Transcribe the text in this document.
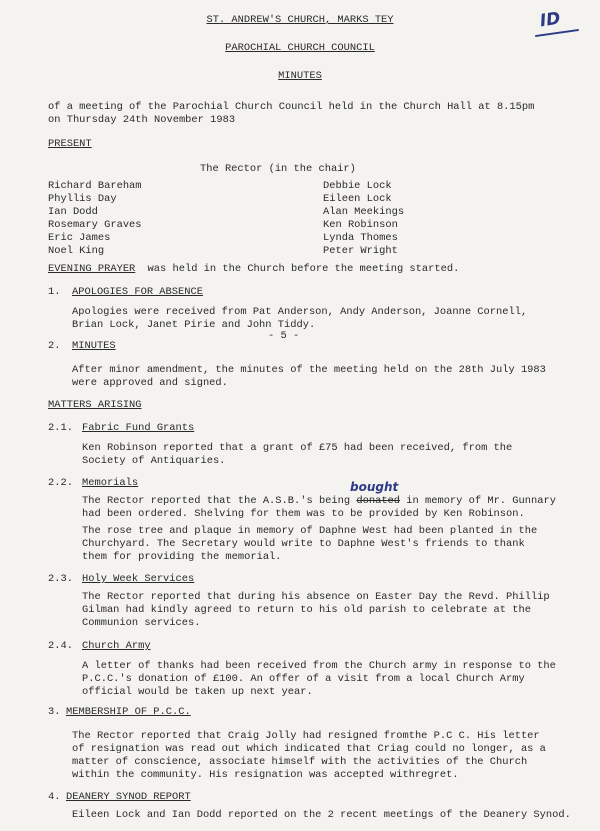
ID
ST. ANDREW'S CHURCH, MARKS TEY
PAROCHIAL CHURCH COUNCIL
MINUTES
of a meeting of the Parochial Church Council held in the Church Hall at 8.15pm
on Thursday 24th November 1983
PRESENT
The Rector (in the chair)
Richard Bareham
Phyllis Day
Ian Dodd
Rosemary Graves
Eric James
Noel King
Debbie Lock
Eileen Lock
Alan Meekings
Ken Robinson
Lynda Thomes
Peter Wright
EVENING PRAYER was held in the Church before the meeting started.
1. APOLOGIES FOR ABSENCE
Apologies were received from Pat Anderson, Andy Anderson, Joanne Cornell,
Brian Lock, Janet Pirie and John Tiddy.
- 5 -
2. MINUTES
After minor amendment, the minutes of the meeting held on the 28th July 1983
were approved and signed.
MATTERS ARISING
2.1. Fabric Fund Grants
Ken Robinson reported that a grant of £75 had been received, from the
Society of Antiquaries.
2.2. Memorials	bought
The Rector reported that the A.S.B.'s being donated in memory of Mr. Gunnary
had been ordered. Shelving for them was to be provided by Ken Robinson.
The rose tree and plaque in memory of Daphne West had been planted in the
Churchyard. The Secretary would write to Daphne West's friends to thank
them for providing the memorial.
2.3. Holy Week Services
The Rector reported that during his absence on Easter Day the Revd. Phillip
Gilman had kindly agreed to return to his old parish to celebrate at the
Communion services.
2.4. Church Army
A letter of thanks had been received from the Church army in response to the
P.C.C.'s donation of £100. An offer of a visit from a local Church Army
official would be taken up next year.
3. MEMBERSHIP OF P.C.C.
The Rector reported that Craig Jolly had resigned fromthe P.C C. His letter
of resignation was read out which indicated that Criag could no longer, as a
matter of conscience, associate himself with the activities of the Church
within the community. His resignation was accepted withregret.
4. DEANERY SYNOD REPORT
Eileen Lock and Ian Dodd reported on the 2 recent meetings of the Deanery Synod.
